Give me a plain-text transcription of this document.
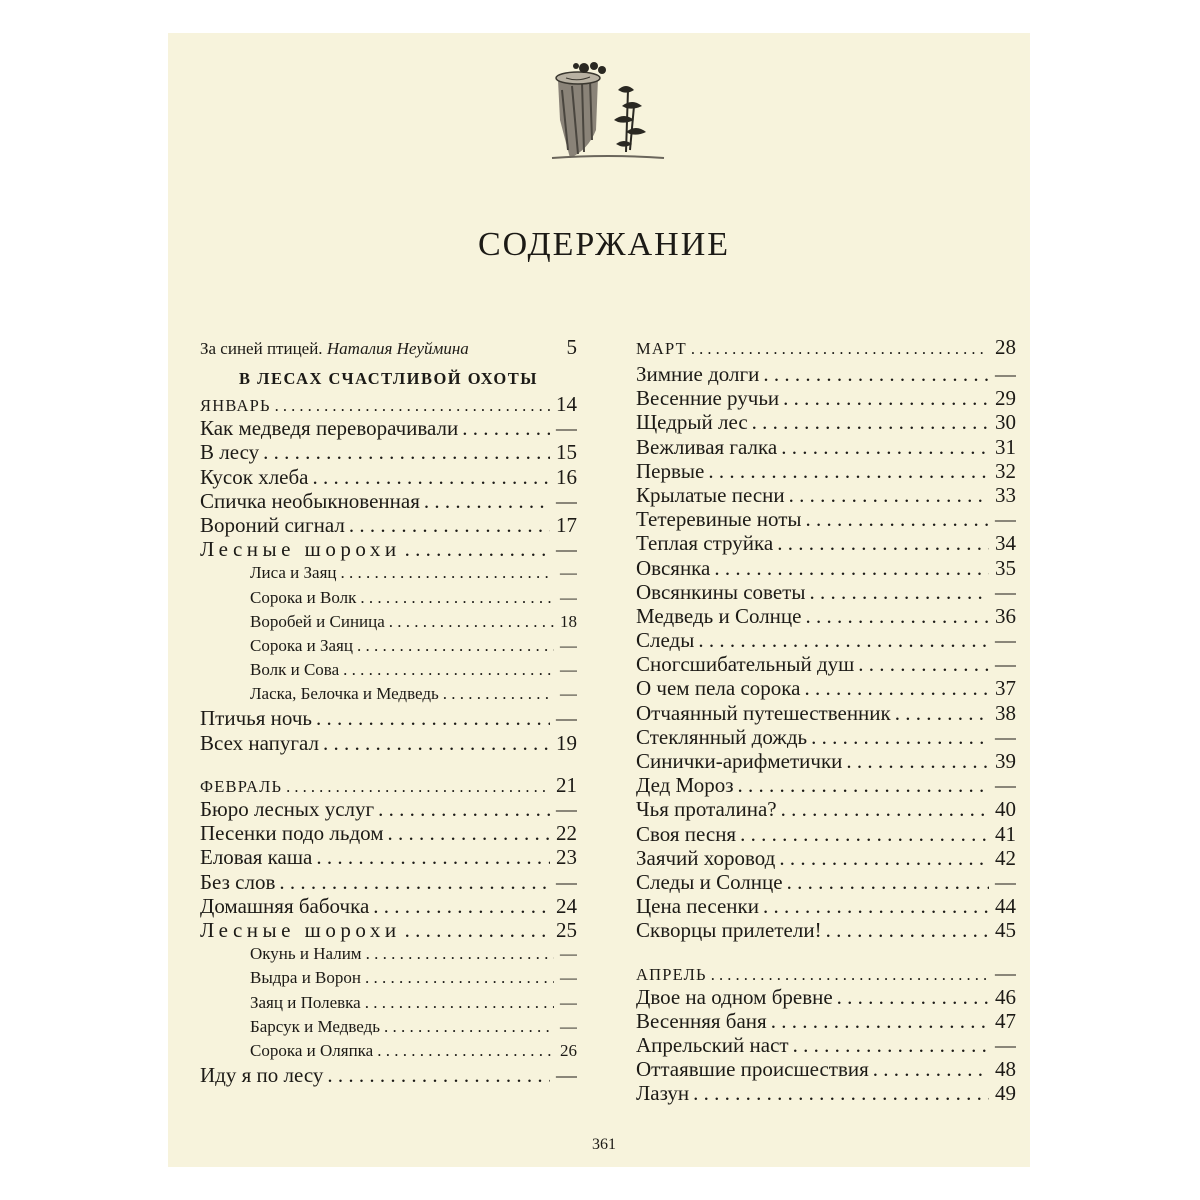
СОДЕРЖАНИЕ
За синей птицей. Наталия Неуймина	5
В ЛЕСАХ СЧАСТЛИВОЙ ОХОТЫ
ЯНВАРЬ . . .	14
Как медведя переворачивали . . .	—
В лесу . . .	15
Кусок хлеба . . .	16
Спичка необыкновенная . . .	—
Вороний сигнал . . .	17
Лесные шорохи . . .	—
Лиса и Заяц . . .	—
Сорока и Волк . . .	—
Воробей и Синица . . .	18
Сорока и Заяц . . .	—
Волк и Сова . . .	—
Ласка, Белочка и Медведь . . .	—
Птичья ночь . . .	—
Всех напугал . . .	19
ФЕВРАЛЬ . . .	21
Бюро лесных услуг . . .	—
Песенки подо льдом . . .	22
Еловая каша . . .	23
Без слов . . .	—
Домашняя бабочка . . .	24
Лесные шорохи . . .	25
Окунь и Налим . . .	—
Выдра и Ворон . . .	—
Заяц и Полевка . . .	—
Барсук и Медведь . . .	—
Сорока и Оляпка . . .	26
Иду я по лесу . . .	—
МАРТ . . .	28
Зимние долги . . .	—
Весенние ручьи . . .	29
Щедрый лес . . .	30
Вежливая галка . . .	31
Первые . . .	32
Крылатые песни . . .	33
Тетеревиные ноты . . .	—
Теплая струйка . . .	34
Овсянка . . .	35
Овсянкины советы . . .	—
Медведь и Солнце . . .	36
Следы . . .	—
Сногсшибательный душ . . .	—
О чем пела сорока . . .	37
Отчаянный путешественник . . .	38
Стеклянный дождь . . .	—
Синички-арифметички . . .	39
Дед Мороз . . .	—
Чья проталина? . . .	40
Своя песня . . .	41
Заячий хоровод . . .	42
Следы и Солнце . . .	—
Цена песенки . . .	44
Скворцы прилетели! . . .	45
АПРЕЛЬ . . .	—
Двое на одном бревне . . .	46
Весенняя баня . . .	47
Апрельский наст . . .	—
Оттаявшие происшествия . . .	48
Лазун . . .	49
361
